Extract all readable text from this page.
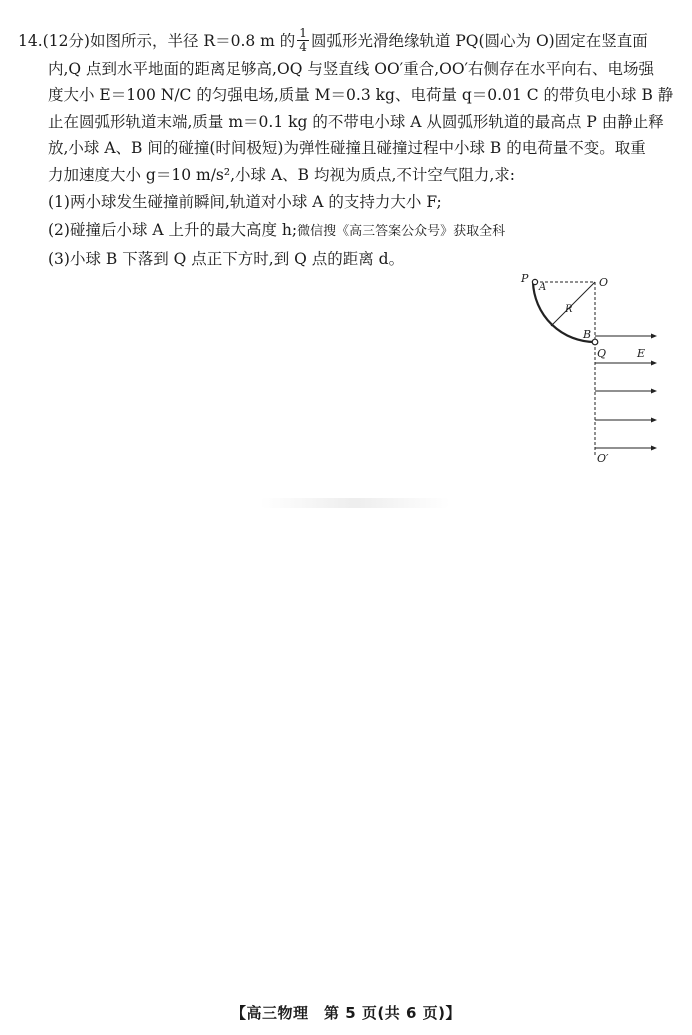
14.(12分)如图所示，半径 R＝0.8 m 的 $\frac{1}{4}$ 圆弧形光滑绝缘轨道 PQ(圆心为 O)固定在竖直面
内,Q 点到水平地面的距离足够高,OQ 与竖直线 OO′重合,OO′右侧存在水平向右、电场强
度大小 E＝100 N/C 的匀强电场,质量 M＝0.3 kg、电荷量 q＝0.01 C 的带负电小球 B 静
止在圆弧形轨道末端,质量 m＝0.1 kg 的不带电小球 A 从圆弧形轨道的最高点 P 由静止释
放,小球 A、B 间的碰撞(时间极短)为弹性碰撞且碰撞过程中小球 B 的电荷量不变。取重
力加速度大小 g＝10 m/s²,小球 A、B 均视为质点,不计空气阻力,求:

(1)两小球发生碰撞前瞬间,轨道对小球 A 的支持力大小 F;
(2)碰撞后小球 A 上升的最大高度 h;微信搜《高三答案公众号》获取全科
(3)小球 B 下落到 Q 点正下方时,到 Q 点的距离 d。
P
A	O
R
B
Q	E
O′
【高三物理　第 5 页(共 6 页)】
